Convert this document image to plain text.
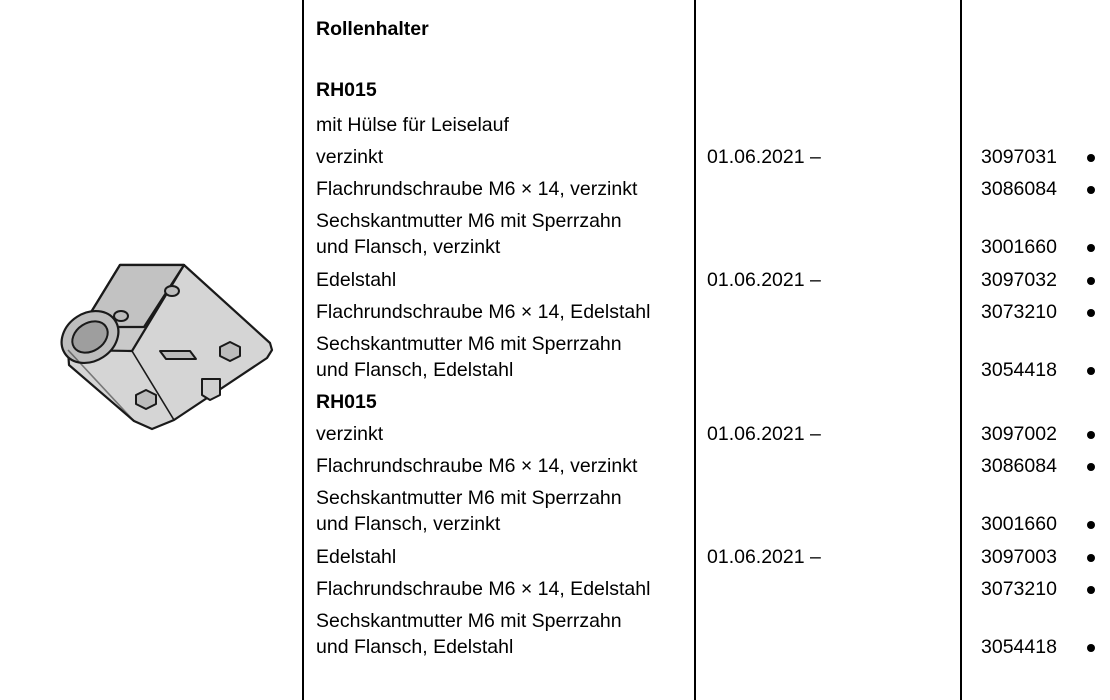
Rollenhalter
RH015
mit Hülse für Leiselauf
verzinkt
Flachrundschraube M6 × 14, verzinkt
Sechskantmutter M6 mit Sperrzahn
und Flansch, verzinkt
Edelstahl
Flachrundschraube M6 × 14, Edelstahl
Sechskantmutter M6 mit Sperrzahn
und Flansch, Edelstahl
RH015
verzinkt
Flachrundschraube M6 × 14, verzinkt
Sechskantmutter M6 mit Sperrzahn
und Flansch, verzinkt
Edelstahl
Flachrundschraube M6 × 14, Edelstahl
Sechskantmutter M6 mit Sperrzahn
und Flansch, Edelstahl
01.06.2021 –
01.06.2021 –
01.06.2021 –
01.06.2021 –
3097031
3086084
3001660
3097032
3073210
3054418
3097002
3086084
3001660
3097003
3073210
3054418
